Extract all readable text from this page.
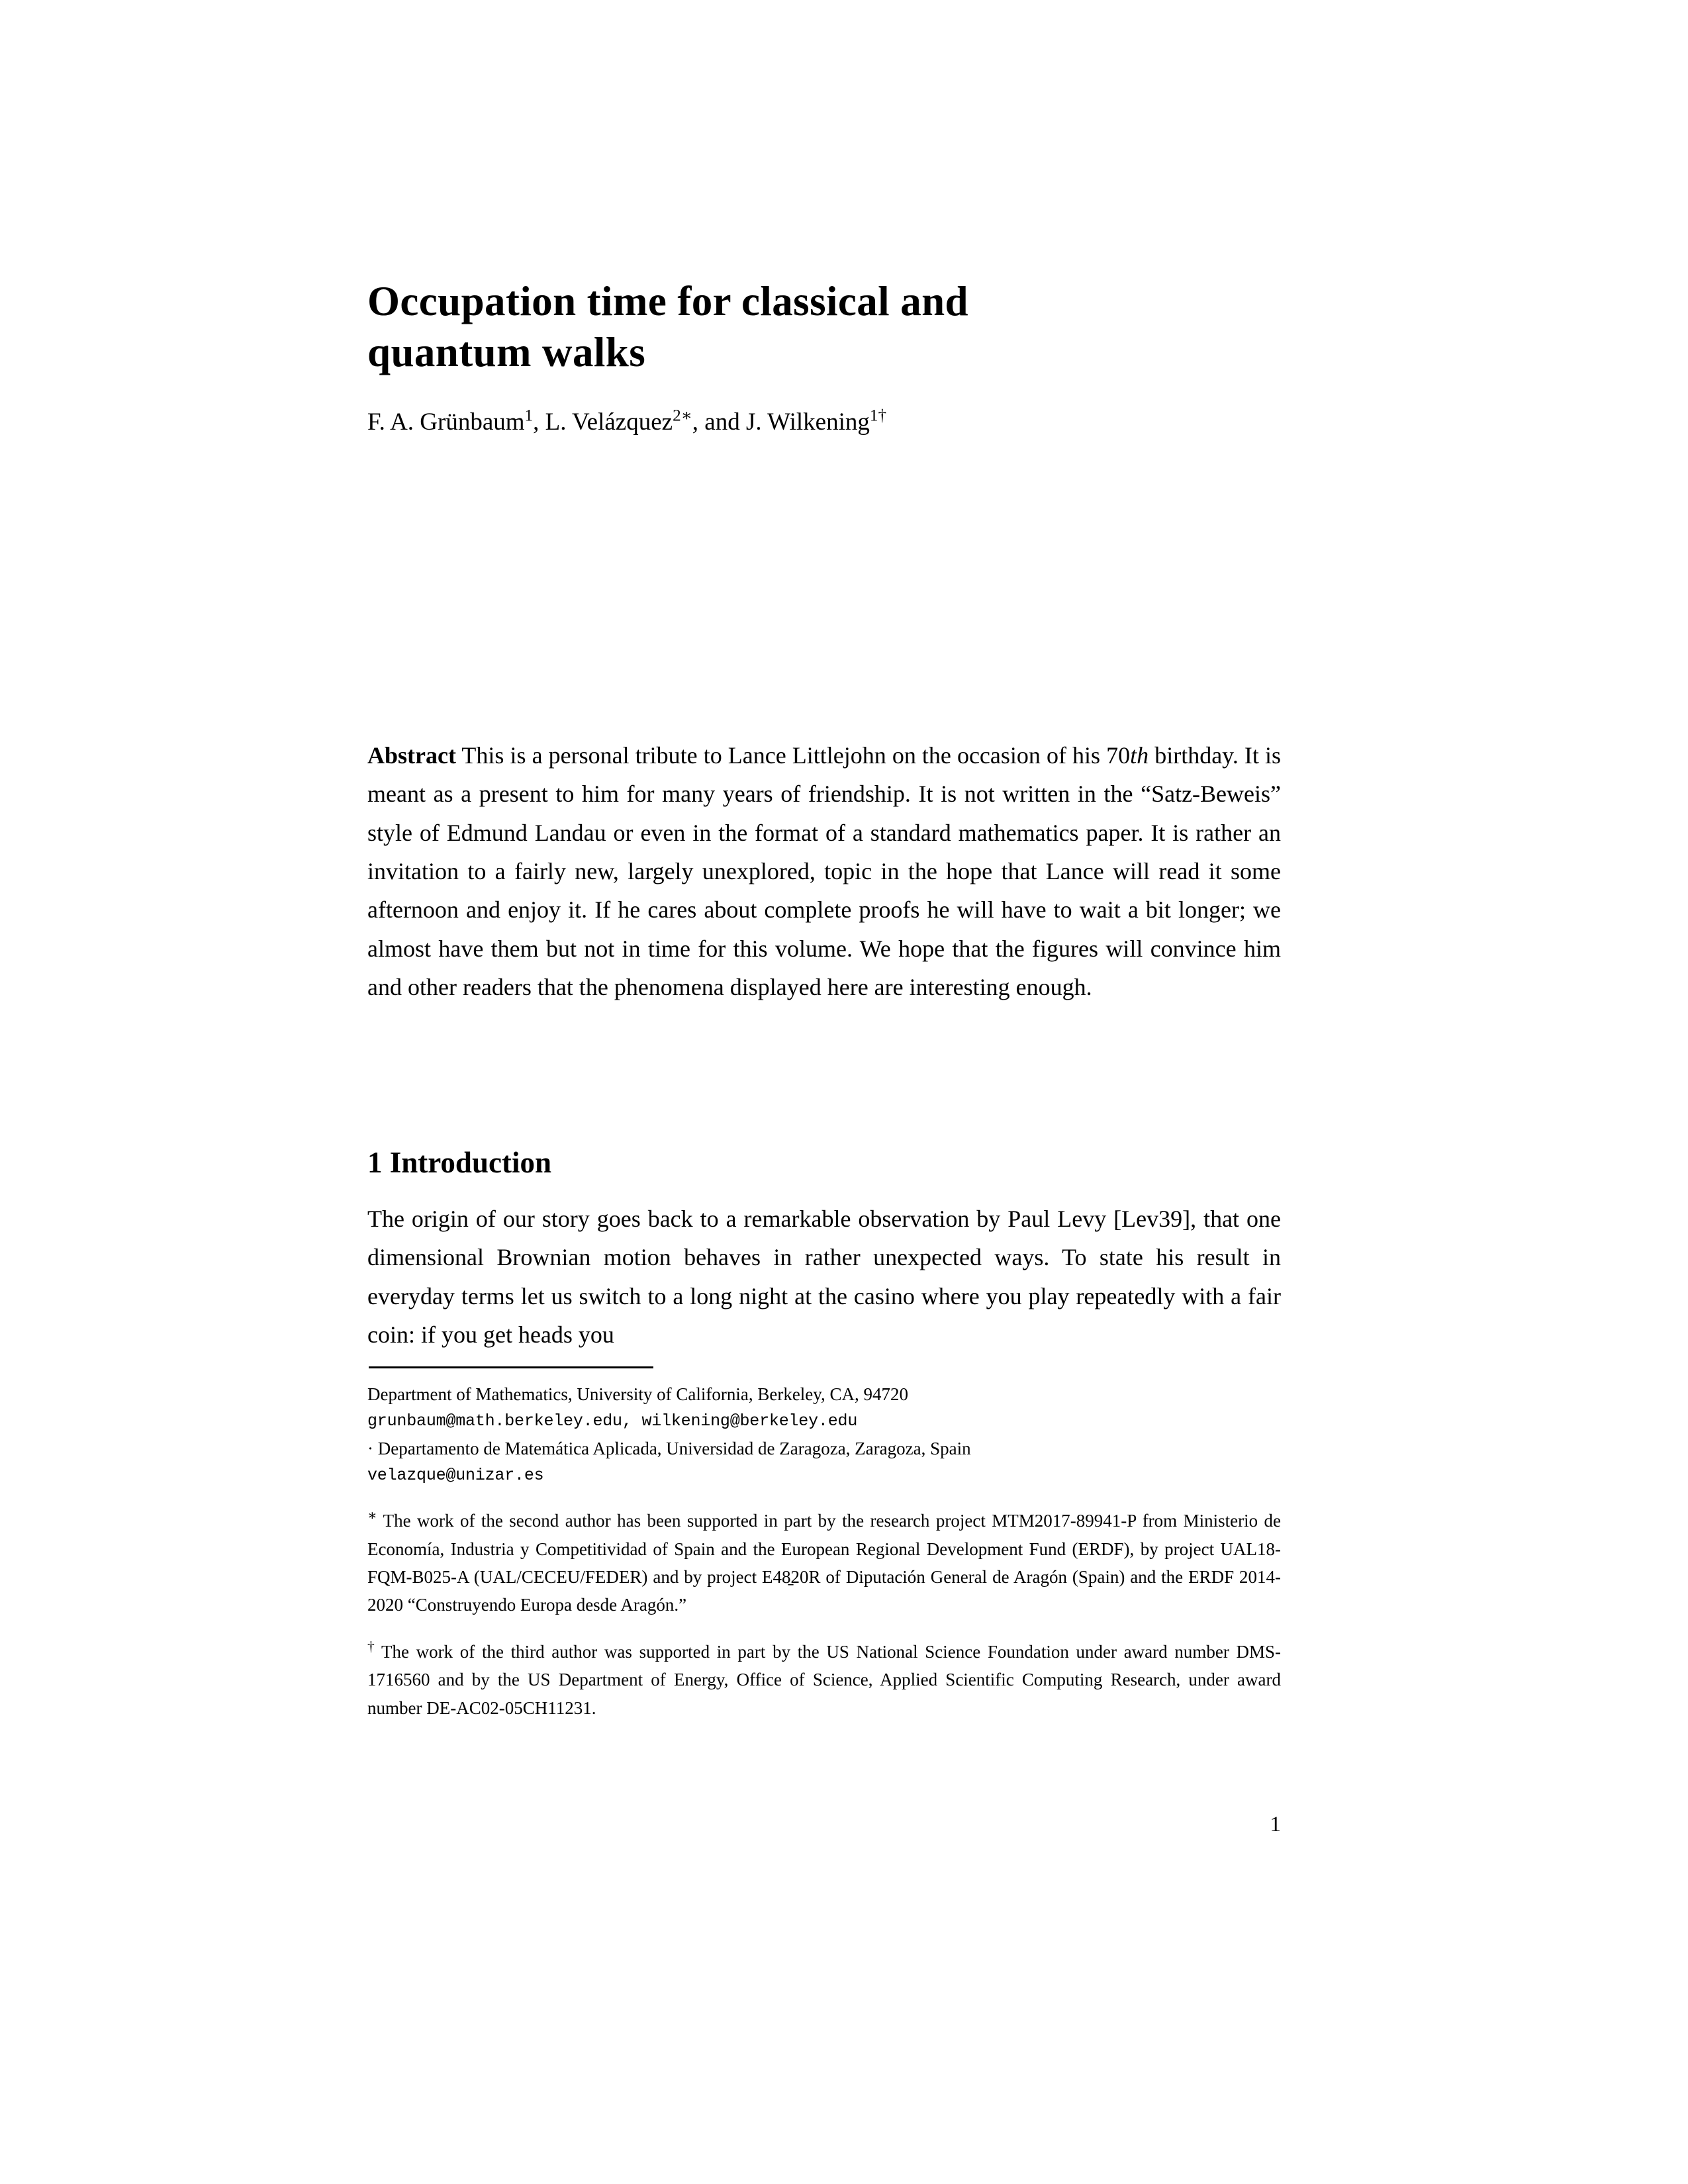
Occupation time for classical and
quantum walks
F. A. Grünbaum$^1$, L. Velázquez$^{2∗}$, and J. Wilkening$^{1\dagger}$
Abstract This is a personal tribute to Lance Littlejohn on the occasion of his 70th birthday. It is meant as a present to him for many years of friendship. It is not written in the “Satz-Beweis” style of Edmund Landau or even in the format of a standard mathematics paper. It is rather an invitation to a fairly new, largely unexplored, topic in the hope that Lance will read it some afternoon and enjoy it. If he cares about complete proofs he will have to wait a bit longer; we almost have them but not in time for this volume. We hope that the figures will convince him and other readers that the phenomena displayed here are interesting enough.
1 Introduction
The origin of our story goes back to a remarkable observation by Paul Levy [Lev39], that one dimensional Brownian motion behaves in rather unexpected ways. To state his result in everyday terms let us switch to a long night at the casino where you play repeatedly with a fair coin: if you get heads you

Department of Mathematics, University of California, Berkeley, CA, 94720

grunbaum@math.berkeley.edu, wilkening@berkeley.edu

· Departamento de Matemática Aplicada, Universidad de Zaragoza, Zaragoza, Spain

velazque@unizar.es

∗ The work of the second author has been supported in part by the research project MTM2017-89941-P from Ministerio de Economía, Industria y Competitividad of Spain and the European Regional Development Fund (ERDF), by project UAL18-FQM-B025-A (UAL/CECEU/FEDER) and by project E48̠20R of Diputación General de Aragón (Spain) and the ERDF 2014-2020 “Construyendo Europa desde Aragón.”

† The work of the third author was supported in part by the US National Science Foundation under award number DMS-1716560 and by the US Department of Energy, Office of Science, Applied Scientific Computing Research, under award number DE-AC02-05CH11231.

1
